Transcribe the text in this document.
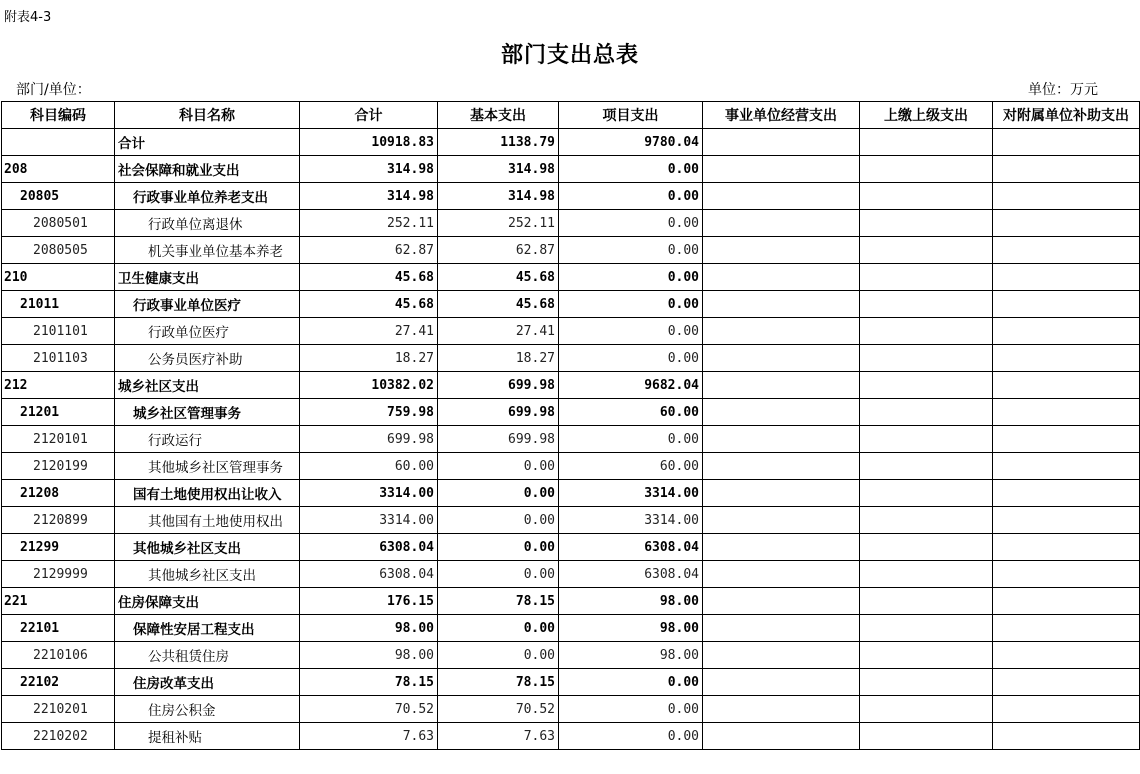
附表4-3
部门支出总表
部门/单位：	单位：万元
科目编码	科目名称	合计	基本支出	项目支出	事业单位经营支出	上缴上级支出	对附属单位补助支出
	合计	10918.83	1138.79	9780.04			
208	社会保障和就业支出	314.98	314.98	0.00			
20805	行政事业单位养老支出	314.98	314.98	0.00			
2080501	行政单位离退休	252.11	252.11	0.00			
2080505	机关事业单位基本养老	62.87	62.87	0.00			
210	卫生健康支出	45.68	45.68	0.00			
21011	行政事业单位医疗	45.68	45.68	0.00			
2101101	行政单位医疗	27.41	27.41	0.00			
2101103	公务员医疗补助	18.27	18.27	0.00			
212	城乡社区支出	10382.02	699.98	9682.04			
21201	城乡社区管理事务	759.98	699.98	60.00			
2120101	行政运行	699.98	699.98	0.00			
2120199	其他城乡社区管理事务	60.00	0.00	60.00			
21208	国有土地使用权出让收入	3314.00	0.00	3314.00			
2120899	其他国有土地使用权出	3314.00	0.00	3314.00			
21299	其他城乡社区支出	6308.04	0.00	6308.04			
2129999	其他城乡社区支出	6308.04	0.00	6308.04			
221	住房保障支出	176.15	78.15	98.00			
22101	保障性安居工程支出	98.00	0.00	98.00			
2210106	公共租赁住房	98.00	0.00	98.00			
22102	住房改革支出	78.15	78.15	0.00			
2210201	住房公积金	70.52	70.52	0.00			
2210202	提租补贴	7.63	7.63	0.00			
